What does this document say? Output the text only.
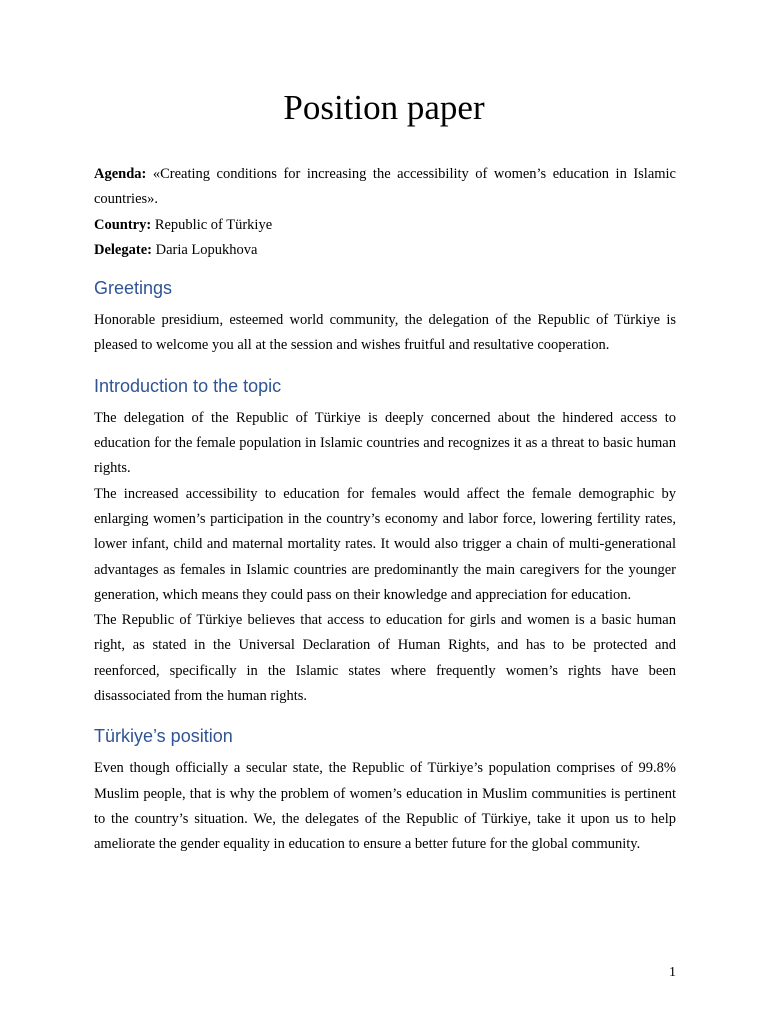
Position paper

Agenda: «Creating conditions for increasing the accessibility of women’s education in Islamic countries».

Country: Republic of Türkiye

Delegate: Daria Lopukhova

Greetings

Honorable presidium, esteemed world community, the delegation of the Republic of Türkiye is pleased to welcome you all at the session and wishes fruitful and resultative cooperation.

Introduction to the topic

The delegation of the Republic of Türkiye is deeply concerned about the hindered access to education for the female population in Islamic countries and recognizes it as a threat to basic human rights.

The increased accessibility to education for females would affect the female demographic by enlarging women’s participation in the country’s economy and labor force, lowering fertility rates, lower infant, child and maternal mortality rates. It would also trigger a chain of multi-generational advantages as females in Islamic countries are predominantly the main caregivers for the younger generation, which means they could pass on their knowledge and appreciation for education.

The Republic of Türkiye believes that access to education for girls and women is a basic human right, as stated in the Universal Declaration of Human Rights, and has to be protected and reenforced, specifically in the Islamic states where frequently women’s rights have been disassociated from the human rights.

Türkiye’s position

Even though officially a secular state, the Republic of Türkiye’s population comprises of 99.8% Muslim people, that is why the problem of women’s education in Muslim communities is pertinent to the country’s situation. We, the delegates of the Republic of Türkiye, take it upon us to help ameliorate the gender equality in education to ensure a better future for the global community.

1
